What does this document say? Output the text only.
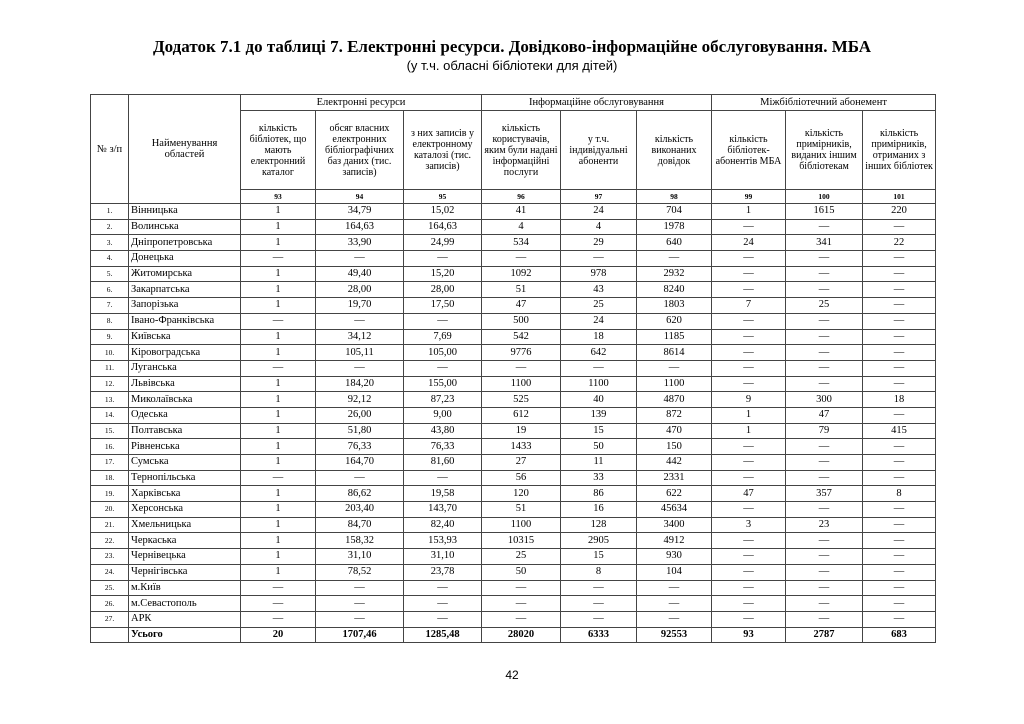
Додаток 7.1 до таблиці 7. Електронні ресурси. Довідково-інформаційне обслуговування. МБА
(у т.ч. обласні бібліотеки для дітей)
№ з/п	Найменування областей	Електронні ресурси			Інформаційне обслуговування			Міжбібліотечний абонемент		
		кількість бібліотек, що мають електронний каталог	обсяг власних електронних бібліографічних баз даних (тис. записів)	з них записів у електронному каталозі (тис. записів)	кількість користувачів, яким були надані інформаційні послуги	у т.ч. індивідуальні абоненти	кількість виконаних довідок	кількість бібліотек-абонентів МБА	кількість примірників, виданих іншим бібліотекам	кількість примірників, отриманих з інших бібліотек
		93	94	95	96	97	98	99	100	101
1.	Вінницька	1	34,79	15,02	41	24	704	1	1615	220
2.	Волинська	1	164,63	164,63	4	4	1978	—	—	—
3.	Дніпропетровська	1	33,90	24,99	534	29	640	24	341	22
4.	Донецька	—	—	—	—	—	—	—	—	—
5.	Житомирська	1	49,40	15,20	1092	978	2932	—	—	—
6.	Закарпатська	1	28,00	28,00	51	43	8240	—	—	—
7.	Запорізька	1	19,70	17,50	47	25	1803	7	25	—
8.	Івано-Франківська	—	—	—	500	24	620	—	—	—
9.	Київська	1	34,12	7,69	542	18	1185	—	—	—
10.	Кіровоградська	1	105,11	105,00	9776	642	8614	—	—	—
11.	Луганська	—	—	—	—	—	—	—	—	—
12.	Львівська	1	184,20	155,00	1100	1100	1100	—	—	—
13.	Миколаївська	1	92,12	87,23	525	40	4870	9	300	18
14.	Одеська	1	26,00	9,00	612	139	872	1	47	—
15.	Полтавська	1	51,80	43,80	19	15	470	1	79	415
16.	Рівненська	1	76,33	76,33	1433	50	150	—	—	—
17.	Сумська	1	164,70	81,60	27	11	442	—	—	—
18.	Тернопільська	—	—	—	56	33	2331	—	—	—
19.	Харківська	1	86,62	19,58	120	86	622	47	357	8
20.	Херсонська	1	203,40	143,70	51	16	45634	—	—	—
21.	Хмельницька	1	84,70	82,40	1100	128	3400	3	23	—
22.	Черкаська	1	158,32	153,93	10315	2905	4912	—	—	—
23.	Чернівецька	1	31,10	31,10	25	15	930	—	—	—
24.	Чернігівська	1	78,52	23,78	50	8	104	—	—	—
25.	м.Київ	—	—	—	—	—	—	—	—	—
26.	м.Севастополь	—	—	—	—	—	—	—	—	—
27.	АРК	—	—	—	—	—	—	—	—	—
	Усього	20	1707,46	1285,48	28020	6333	92553	93	2787	683
42
